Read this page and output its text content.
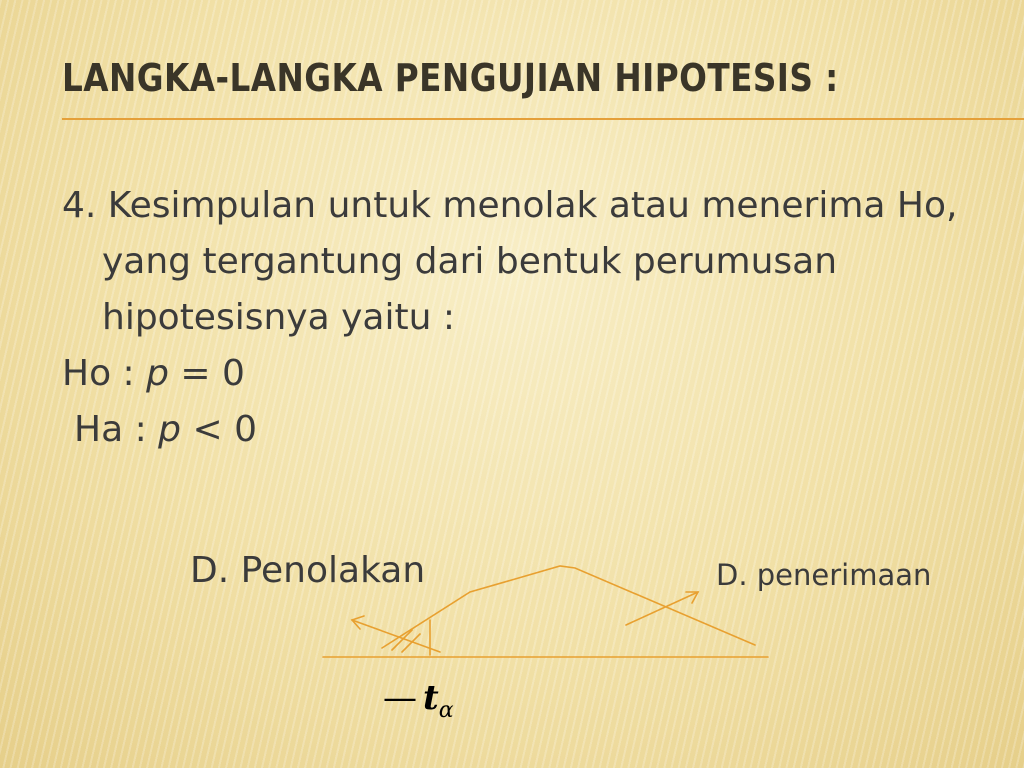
LANGKA-LANGKA PENGUJIAN HIPOTESIS :
4. Kesimpulan untuk menolak atau menerima Ho, yang tergantung dari bentuk perumusan hipotesisnya yaitu :
Ho : p = 0
Ha : p < 0
D. Penolakan	D. penerimaan
— $t_\alpha$
